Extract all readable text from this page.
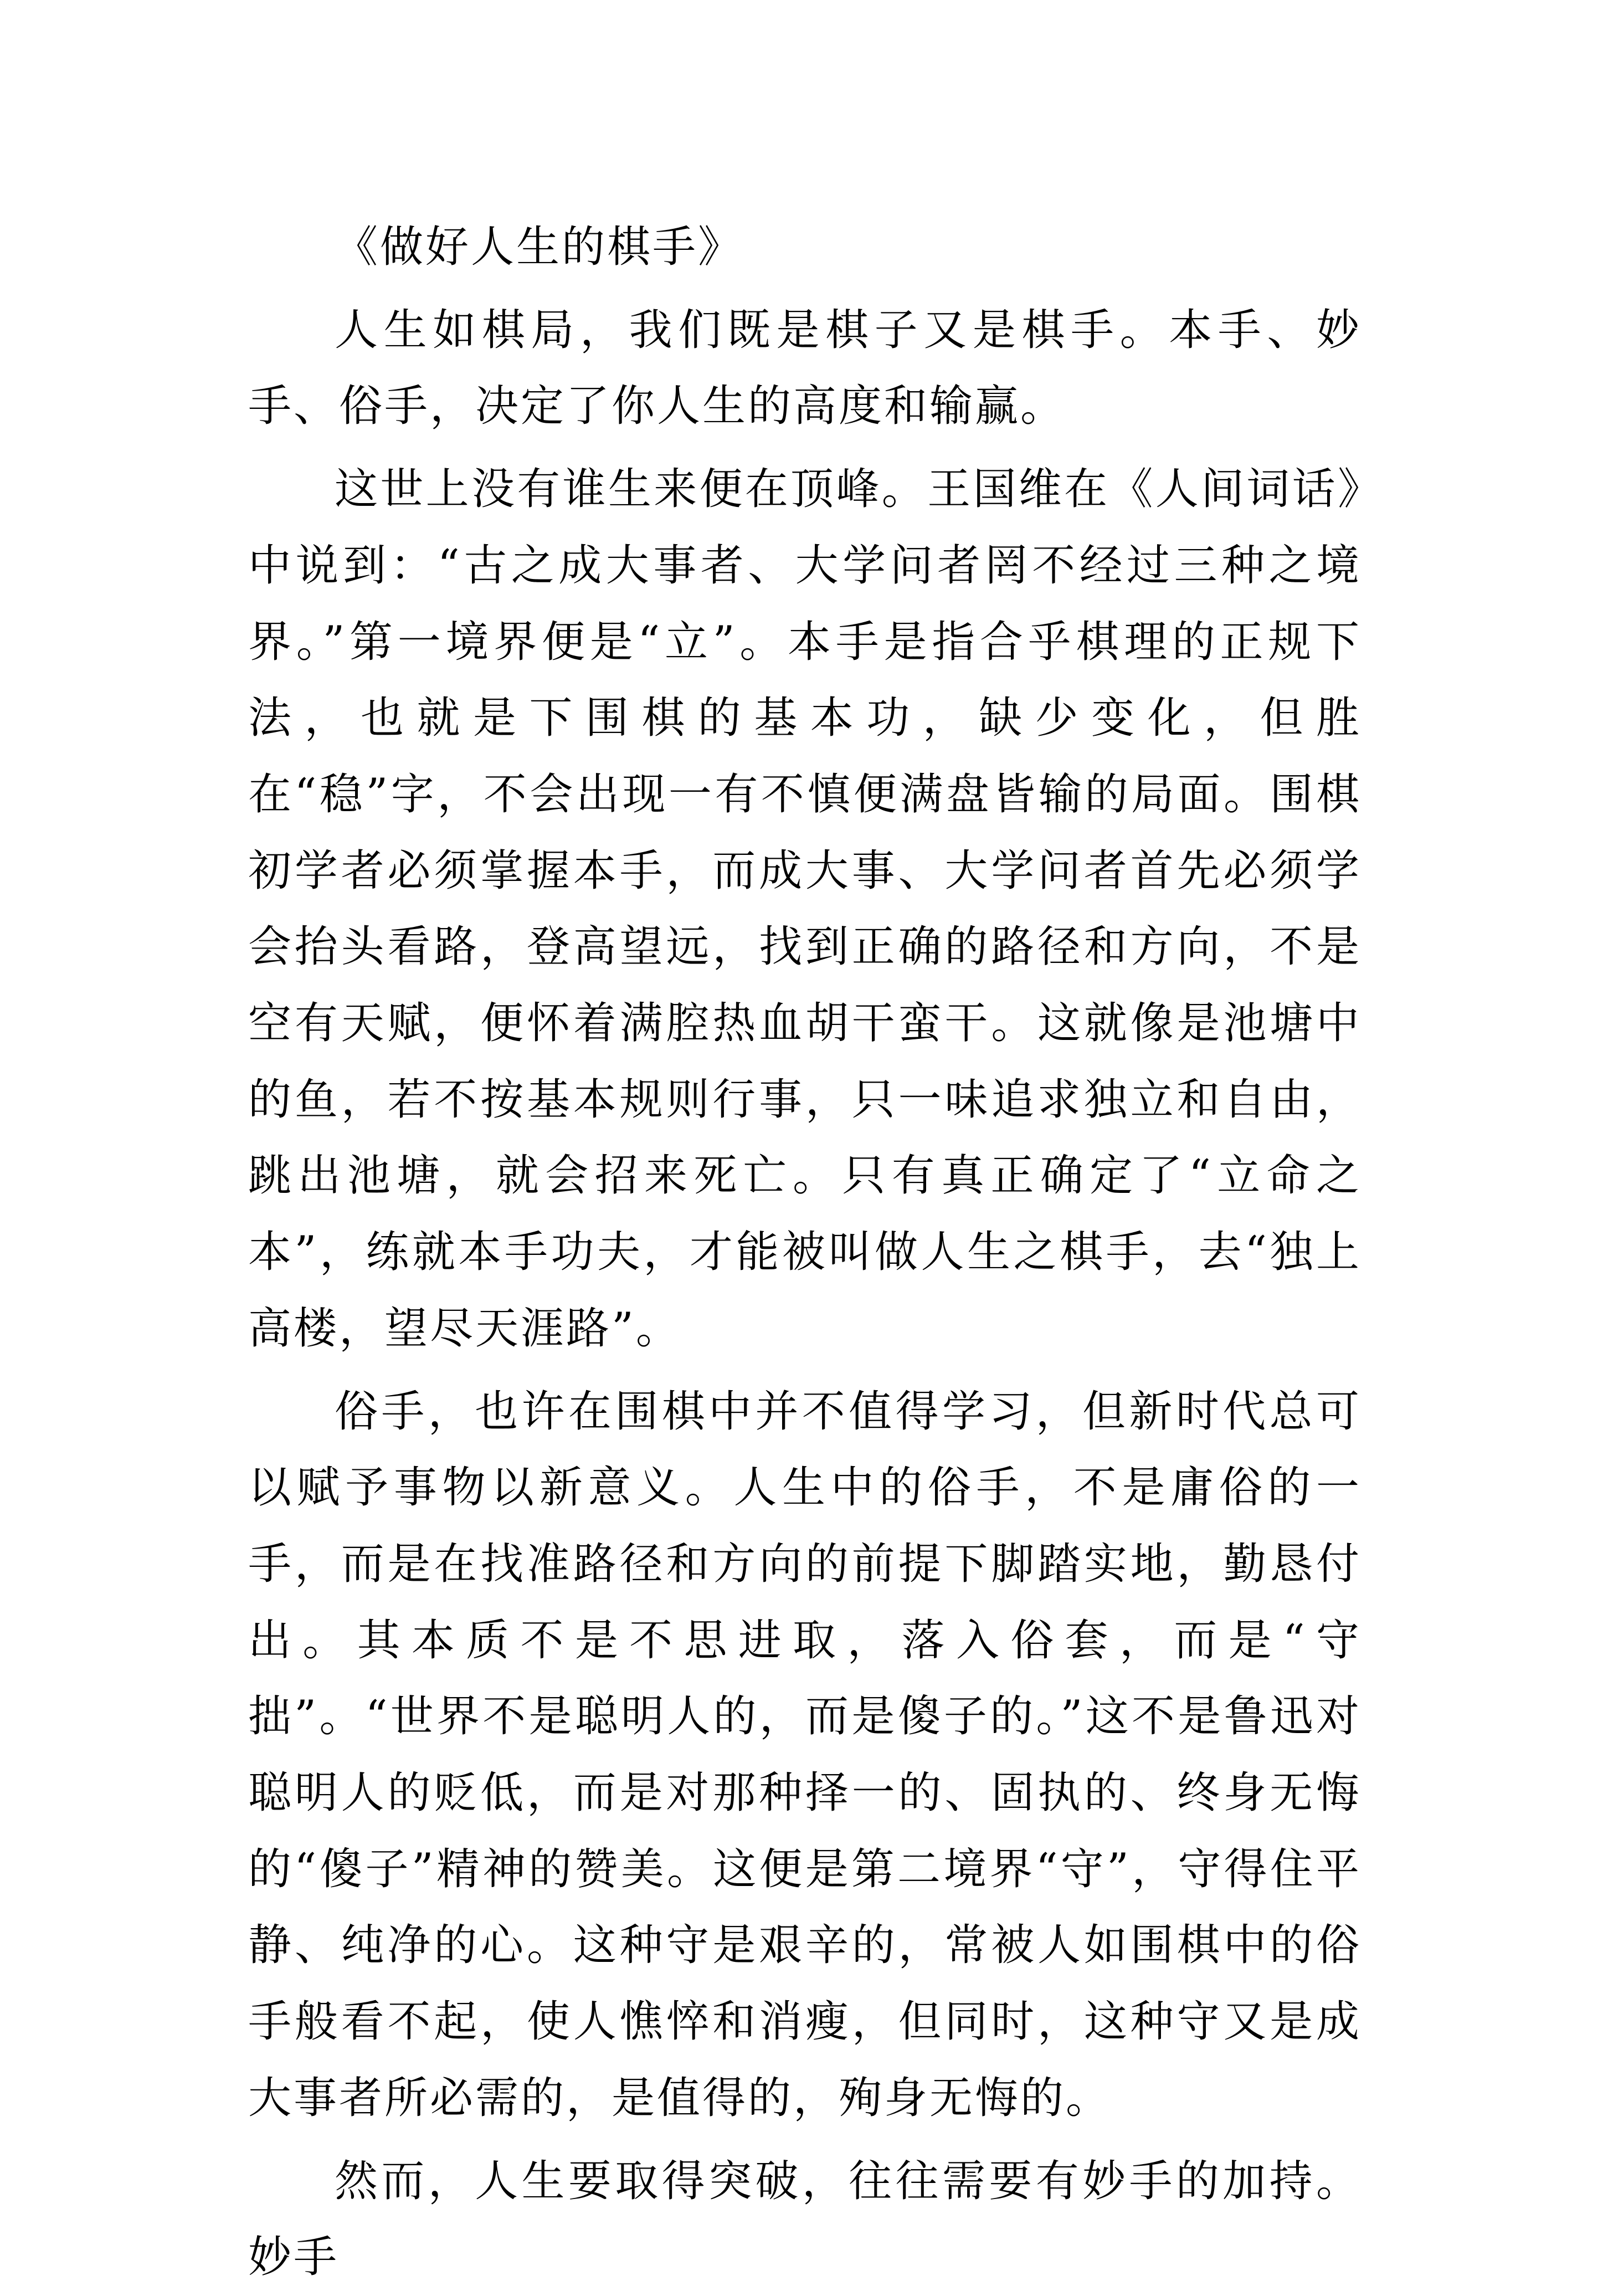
《做好人生的棋手》

人生如棋局，我们既是棋子又是棋手。本手、妙手、俗手，决定了你人生的高度和输赢。

这世上没有谁生来便在顶峰。王国维在《人间词话》中说到：“古之成大事者、大学问者罔不经过三种之境界。”第一境界便是“立”。本手是指合乎棋理的正规下法，也就是下围棋的基本功，缺少变化，但胜在“稳”字，不会出现一有不慎便满盘皆输的局面。围棋初学者必须掌握本手，而成大事、大学问者首先必须学会抬头看路，登高望远，找到正确的路径和方向，不是空有天赋，便怀着满腔热血胡干蛮干。这就像是池塘中的鱼，若不按基本规则行事，只一味追求独立和自由，跳出池塘，就会招来死亡。只有真正确定了“立命之本”，练就本手功夫，才能被叫做人生之棋手，去“独上高楼，望尽天涯路”。

俗手，也许在围棋中并不值得学习，但新时代总可以赋予事物以新意义。人生中的俗手，不是庸俗的一手，而是在找准路径和方向的前提下脚踏实地，勤恳付出。其本质不是不思进取，落入俗套，而是“守拙”。“世界不是聪明人的，而是傻子的。”这不是鲁迅对聪明人的贬低，而是对那种择一的、固执的、终身无悔的“傻子”精神的赞美。这便是第二境界“守”，守得住平静、纯净的心。这种守是艰辛的，常被人如围棋中的俗手般看不起，使人憔悴和消瘦，但同时，这种守又是成大事者所必需的，是值得的，殉身无悔的。

然而，人生要取得突破，往往需要有妙手的加持。妙手
